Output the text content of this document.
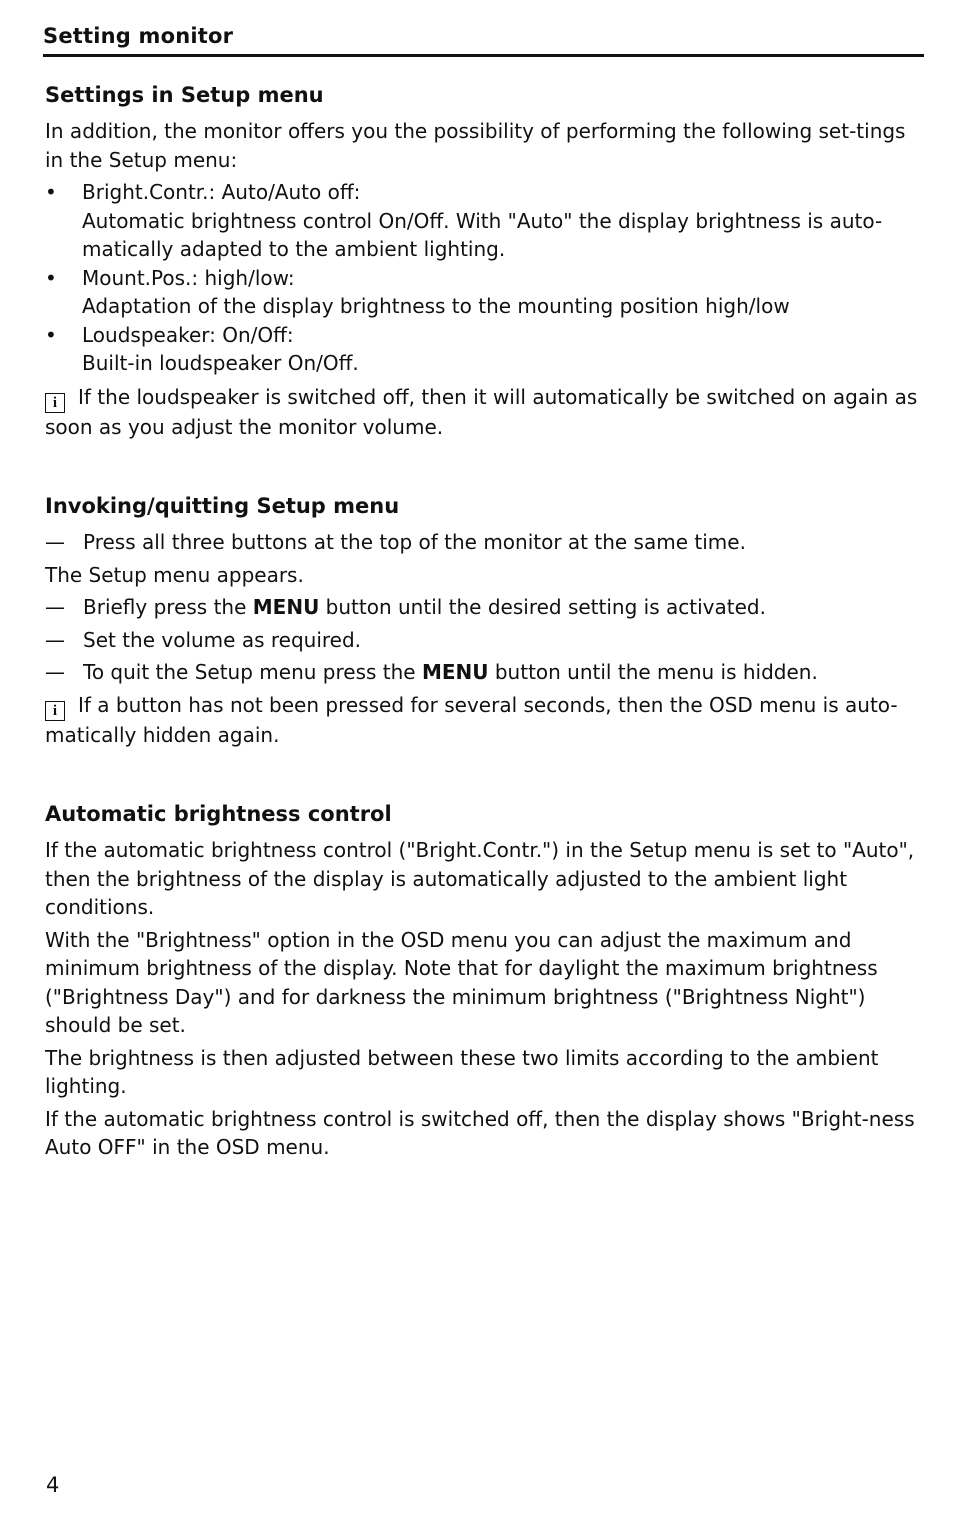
Setting monitor
Settings in Setup menu

In addition, the monitor offers you the possibility of performing the following set-tings in the Setup menu:

•	Bright.Contr.: Auto/Auto off:
Automatic brightness control On/Off. With "Auto" the display brightness is auto-matically adapted to the ambient lighting.
•	Mount.Pos.: high/low:
Adaptation of the display brightness to the mounting position high/low
•	Loudspeaker: On/Off:
Built-in loudspeaker On/Off.
i If the loudspeaker is switched off, then it will automatically be switched on again as soon as you adjust the monitor volume.
Invoking/quitting Setup menu
— Press all three buttons at the top of the monitor at the same time.
The Setup menu appears.
— Briefly press the MENU button until the desired setting is activated.
— Set the volume as required.
— To quit the Setup menu press the MENU button until the menu is hidden.
i If a button has not been pressed for several seconds, then the OSD menu is auto-matically hidden again.
Automatic brightness control

If the automatic brightness control ("Bright.Contr.") in the Setup menu is set to "Auto", then the brightness of the display is automatically adjusted to the ambient light conditions.

With the "Brightness" option in the OSD menu you can adjust the maximum and minimum brightness of the display. Note that for daylight the maximum brightness ("Brightness Day") and for darkness the minimum brightness ("Brightness Night") should be set.

The brightness is then adjusted between these two limits according to the ambient lighting.

If the automatic brightness control is switched off, then the display shows "Bright-ness Auto OFF" in the OSD menu.

4
